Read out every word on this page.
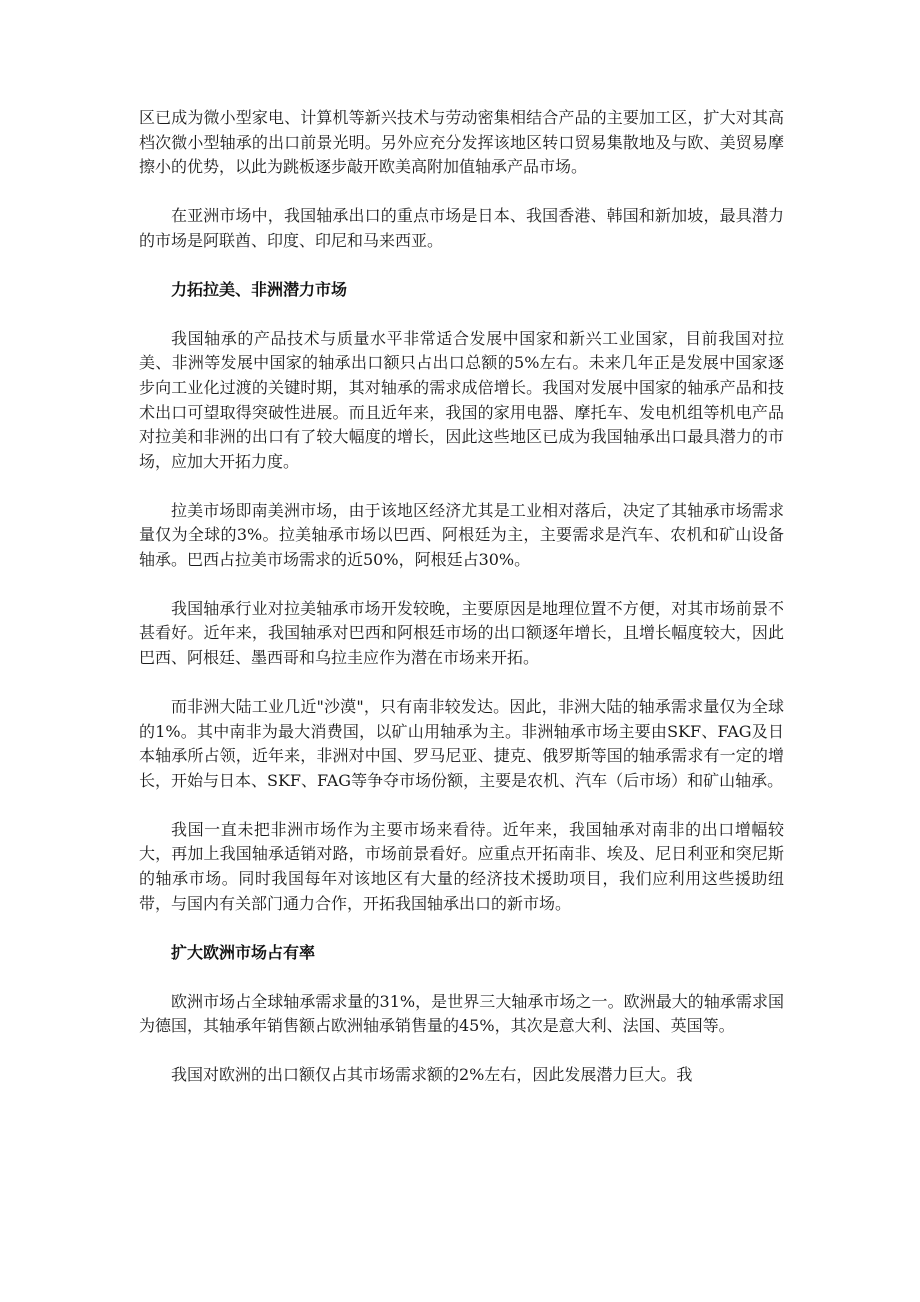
区已成为微小型家电、计算机等新兴技术与劳动密集相结合产品的主要加工区，扩大对其高档次微小型轴承的出口前景光明。另外应充分发挥该地区转口贸易集散地及与欧、美贸易摩擦小的优势，以此为跳板逐步敲开欧美高附加值轴承产品市场。

在亚洲市场中，我国轴承出口的重点市场是日本、我国香港、韩国和新加坡，最具潜力的市场是阿联酋、印度、印尼和马来西亚。

力拓拉美、非洲潜力市场

我国轴承的产品技术与质量水平非常适合发展中国家和新兴工业国家，目前我国对拉美、非洲等发展中国家的轴承出口额只占出口总额的5%左右。未来几年正是发展中国家逐步向工业化过渡的关键时期，其对轴承的需求成倍增长。我国对发展中国家的轴承产品和技术出口可望取得突破性进展。而且近年来，我国的家用电器、摩托车、发电机组等机电产品对拉美和非洲的出口有了较大幅度的增长，因此这些地区已成为我国轴承出口最具潜力的市场，应加大开拓力度。

拉美市场即南美洲市场，由于该地区经济尤其是工业相对落后，决定了其轴承市场需求量仅为全球的3%。拉美轴承市场以巴西、阿根廷为主，主要需求是汽车、农机和矿山设备轴承。巴西占拉美市场需求的近50%，阿根廷占30%。

我国轴承行业对拉美轴承市场开发较晚，主要原因是地理位置不方便，对其市场前景不甚看好。近年来，我国轴承对巴西和阿根廷市场的出口额逐年增长，且增长幅度较大，因此巴西、阿根廷、墨西哥和乌拉圭应作为潜在市场来开拓。

而非洲大陆工业几近"沙漠"，只有南非较发达。因此，非洲大陆的轴承需求量仅为全球的1%。其中南非为最大消费国，以矿山用轴承为主。非洲轴承市场主要由SKF、FAG及日本轴承所占领，近年来，非洲对中国、罗马尼亚、捷克、俄罗斯等国的轴承需求有一定的增长，开始与日本、SKF、FAG等争夺市场份额，主要是农机、汽车（后市场）和矿山轴承。

我国一直未把非洲市场作为主要市场来看待。近年来，我国轴承对南非的出口增幅较大，再加上我国轴承适销对路，市场前景看好。应重点开拓南非、埃及、尼日利亚和突尼斯的轴承市场。同时我国每年对该地区有大量的经济技术援助项目，我们应利用这些援助纽带，与国内有关部门通力合作，开拓我国轴承出口的新市场。

扩大欧洲市场占有率

欧洲市场占全球轴承需求量的31%，是世界三大轴承市场之一。欧洲最大的轴承需求国为德国，其轴承年销售额占欧洲轴承销售量的45%，其次是意大利、法国、英国等。

我国对欧洲的出口额仅占其市场需求额的2%左右，因此发展潜力巨大。我
